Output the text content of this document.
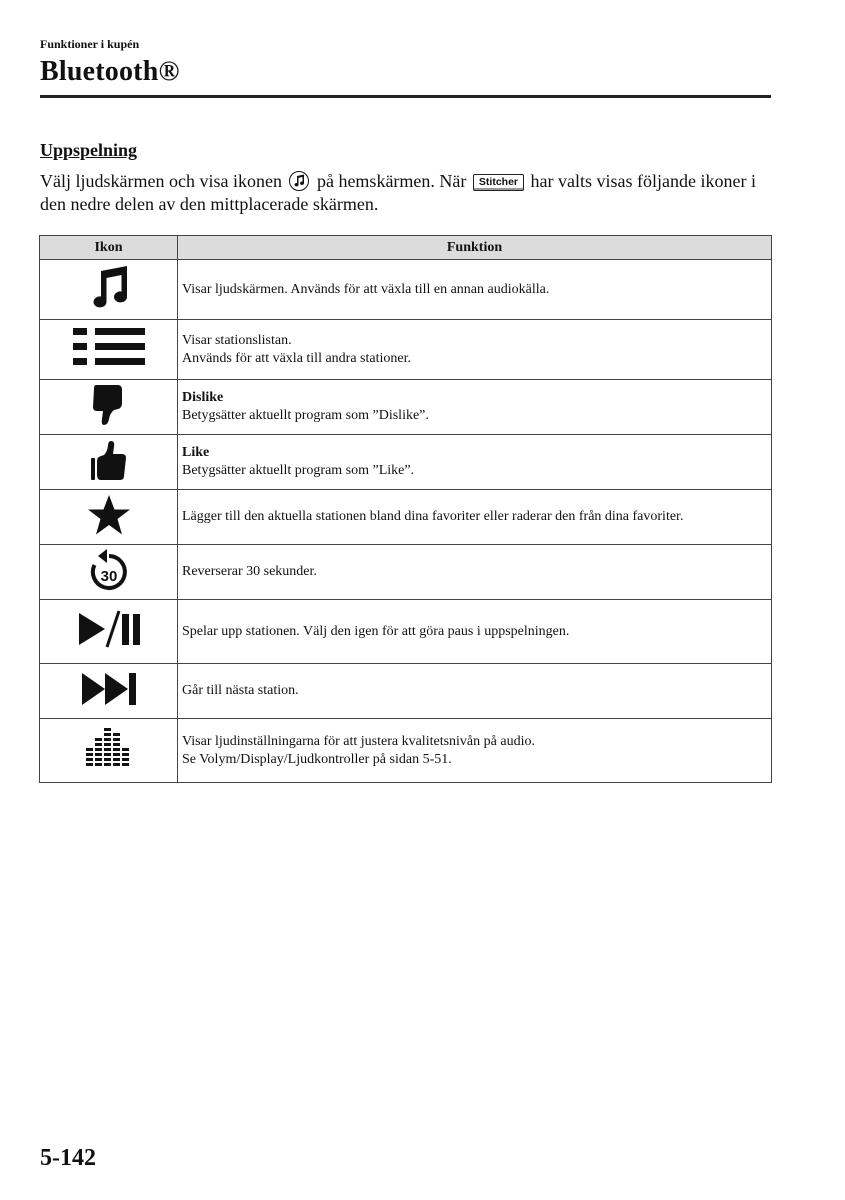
Funktioner i kupén
Bluetooth®
Uppspelning
Välj ljudskärmen och visa ikonen på hemskärmen. När Stitcher har valts visas följande ikoner i den nedre delen av den mittplacerade skärmen.
Ikon	Funktion

Visar ljudskärmen. Används för att växla till en annan audiokälla.

Visar stationslistan.
Används för att växla till andra stationer.

Dislike
Betygsätter aktuellt program som ”Dislike”.

Like
Betygsätter aktuellt program som ”Like”.

Lägger till den aktuella stationen bland dina favoriter eller raderar den från dina favoriter.

30	Reverserar 30 sekunder.

Spelar upp stationen. Välj den igen för att göra paus i uppspelningen.

Går till nästa station.

Visar ljudinställningarna för att justera kvalitetsnivån på audio.
Se Volym/Display/Ljudkontroller på sidan 5-51.
5-142
